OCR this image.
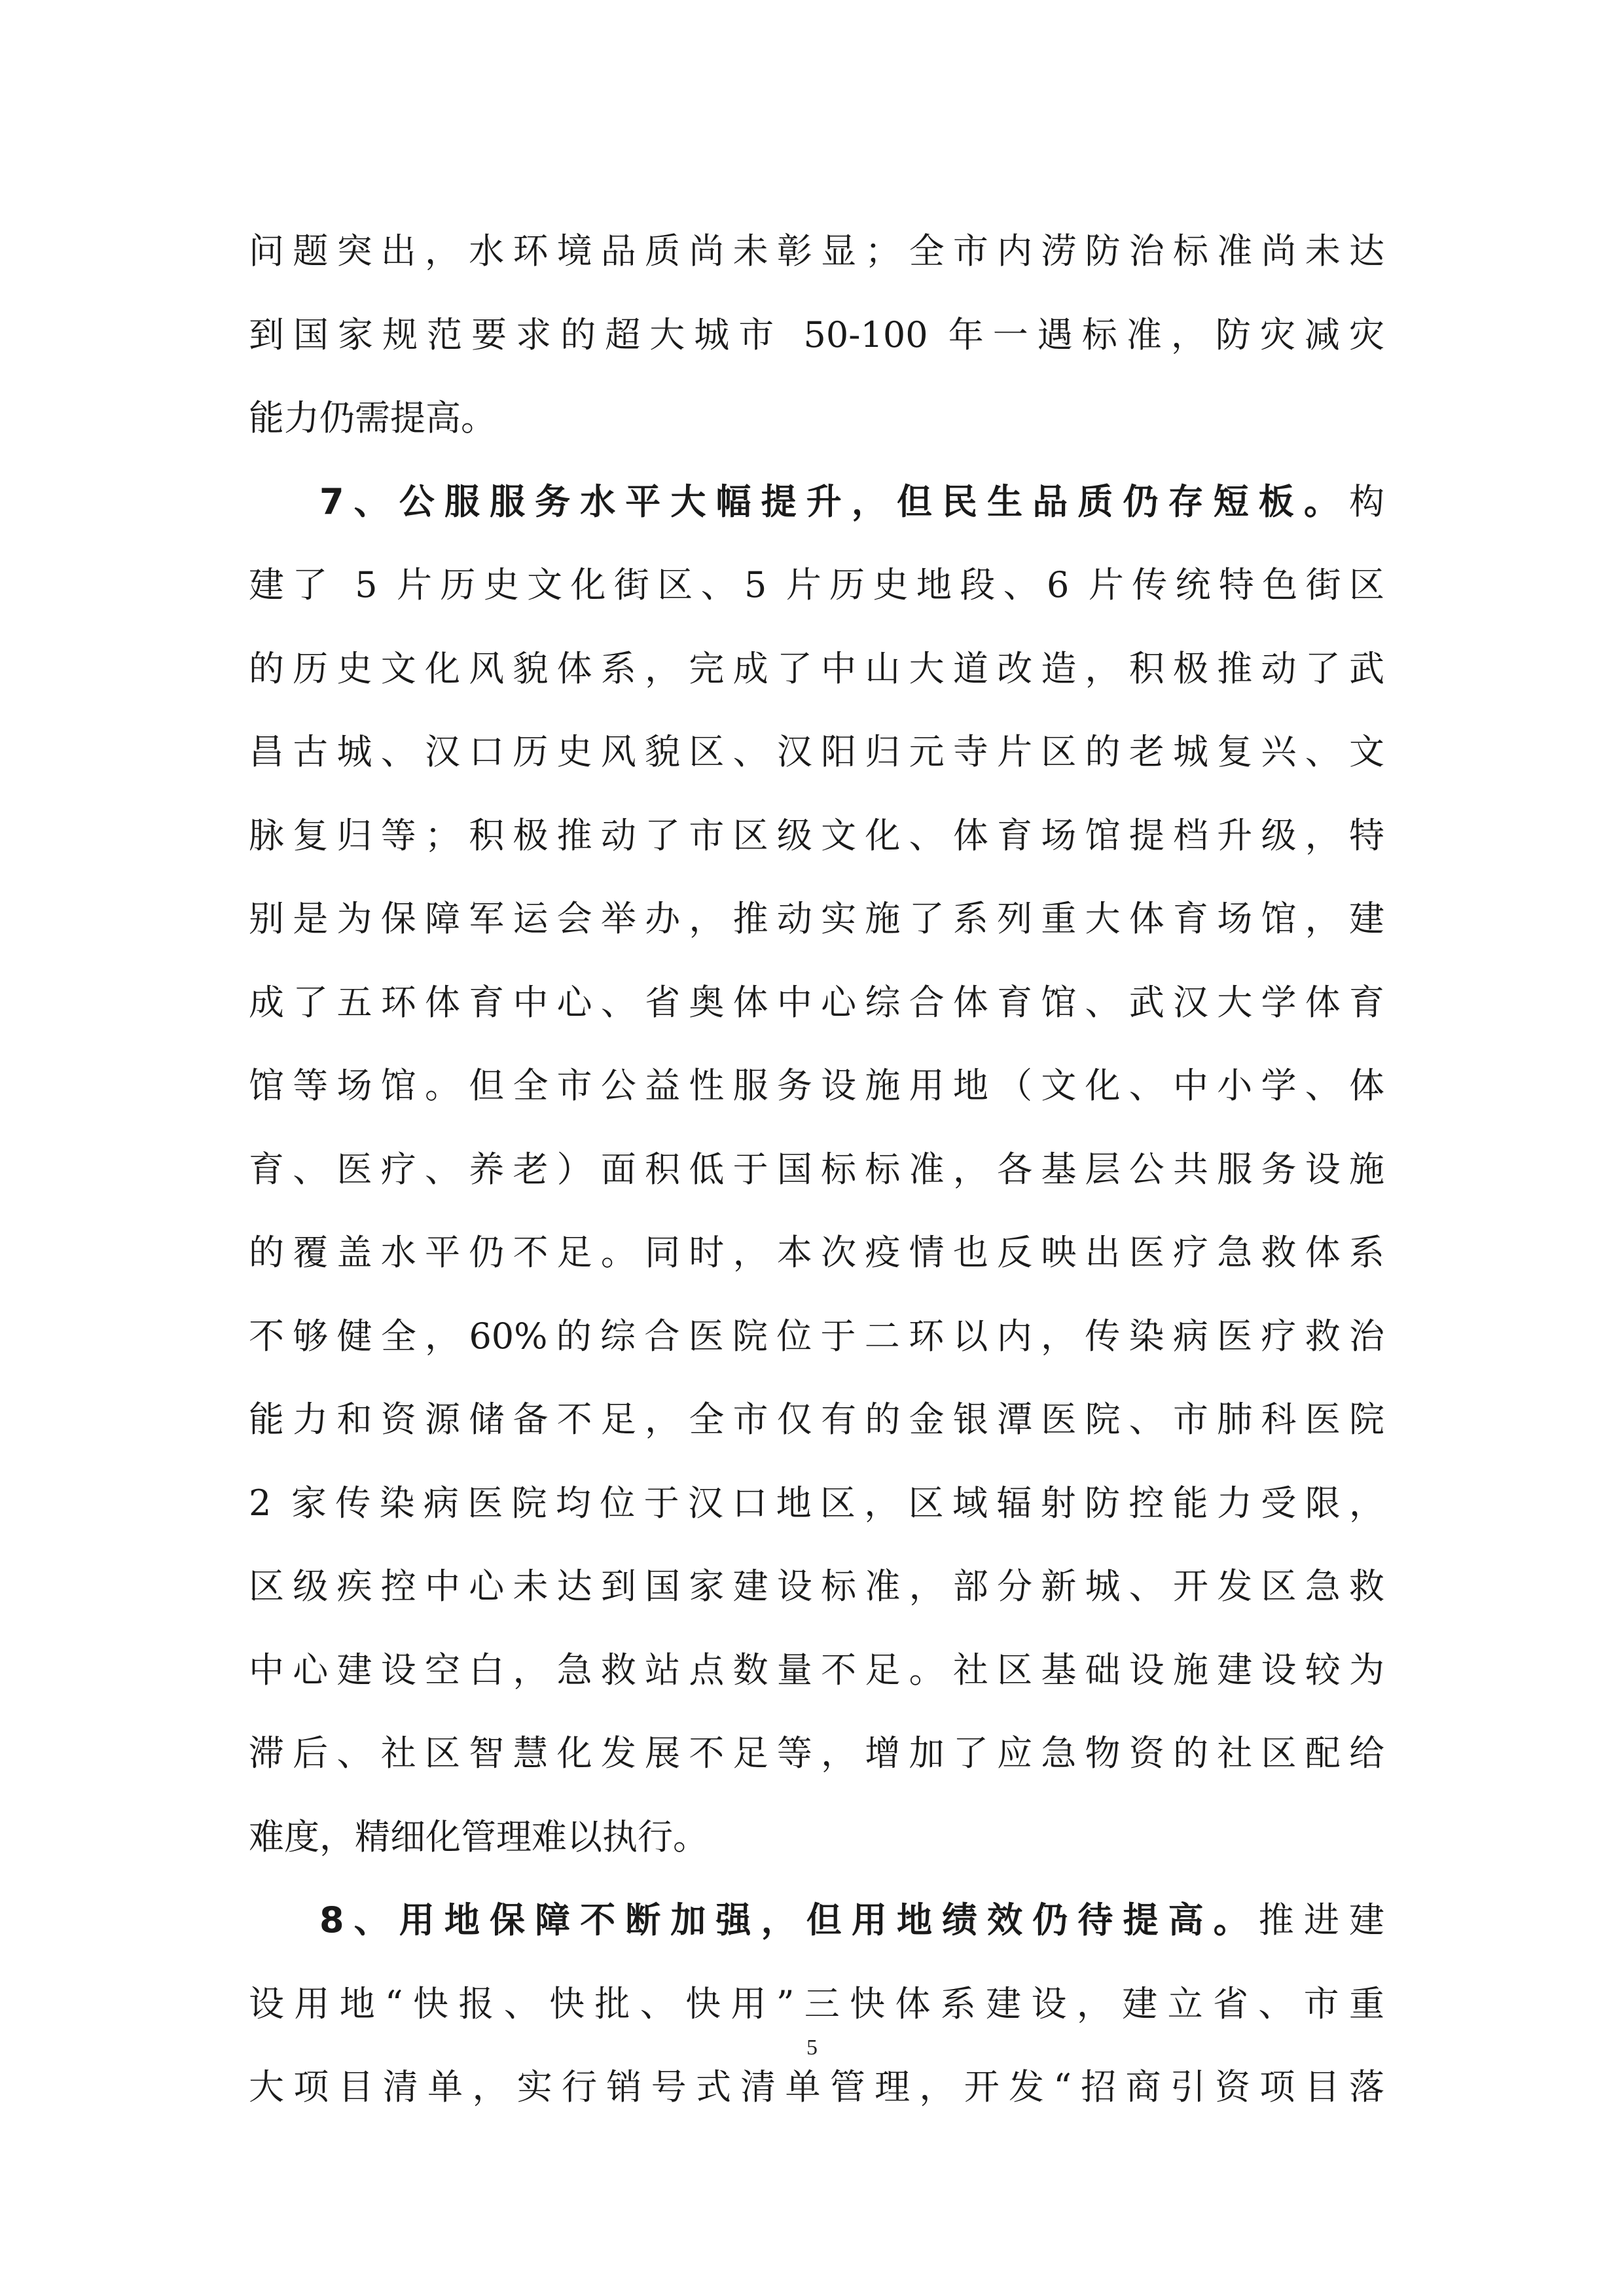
问题突出，水环境品质尚未彰显；全市内涝防治标准尚未达
到国家规范要求的超大城市 50-100 年一遇标准，防灾减灾
能力仍需提高。
7、公服服务水平大幅提升，但民生品质仍存短板。构
建了 5 片历史文化街区、5 片历史地段、6 片传统特色街区
的历史文化风貌体系，完成了中山大道改造，积极推动了武
昌古城、汉口历史风貌区、汉阳归元寺片区的老城复兴、文
脉复归等；积极推动了市区级文化、体育场馆提档升级，特
别是为保障军运会举办，推动实施了系列重大体育场馆，建
成了五环体育中心、省奥体中心综合体育馆、武汉大学体育
馆等场馆。但全市公益性服务设施用地（文化、中小学、体
育、医疗、养老）面积低于国标标准，各基层公共服务设施
的覆盖水平仍不足。同时，本次疫情也反映出医疗急救体系
不够健全，60%的综合医院位于二环以内，传染病医疗救治
能力和资源储备不足，全市仅有的金银潭医院、市肺科医院
2 家传染病医院均位于汉口地区，区域辐射防控能力受限，
区级疾控中心未达到国家建设标准，部分新城、开发区急救
中心建设空白，急救站点数量不足。社区基础设施建设较为
滞后、社区智慧化发展不足等，增加了应急物资的社区配给
难度，精细化管理难以执行。
8、用地保障不断加强，但用地绩效仍待提高。推进建
设用地“快报、快批、快用”三快体系建设，建立省、市重
大项目清单，实行销号式清单管理，开发“招商引资项目落
5
